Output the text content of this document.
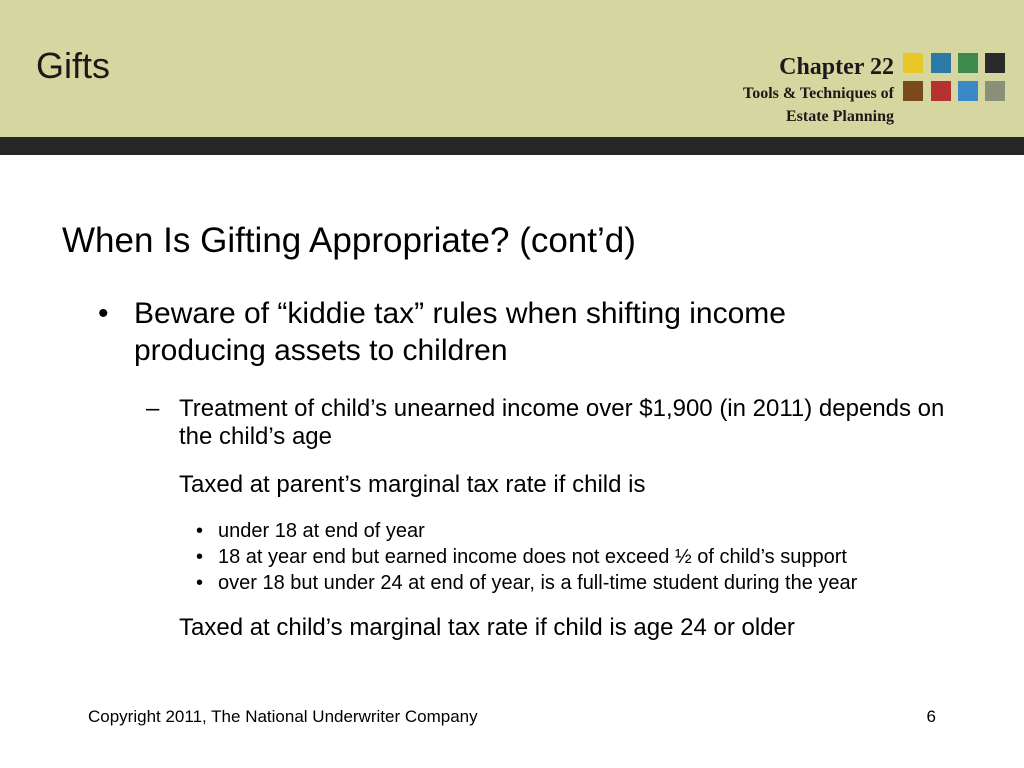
Gifts	Chapter 22
Tools & Techniques of
Estate Planning
When Is Gifting Appropriate? (cont’d)
• Beware of “kiddie tax” rules when shifting income producing assets to children
– Treatment of child’s unearned income over $1,900 (in 2011) depends on the child’s age
Taxed at parent’s marginal tax rate if child is
• under 18 at end of year
• 18 at year end but earned income does not exceed ½ of child’s support
• over 18 but under 24 at end of year, is a full-time student during the year
Taxed at child’s marginal tax rate if child is age 24 or older
Copyright 2011, The National Underwriter Company	6
